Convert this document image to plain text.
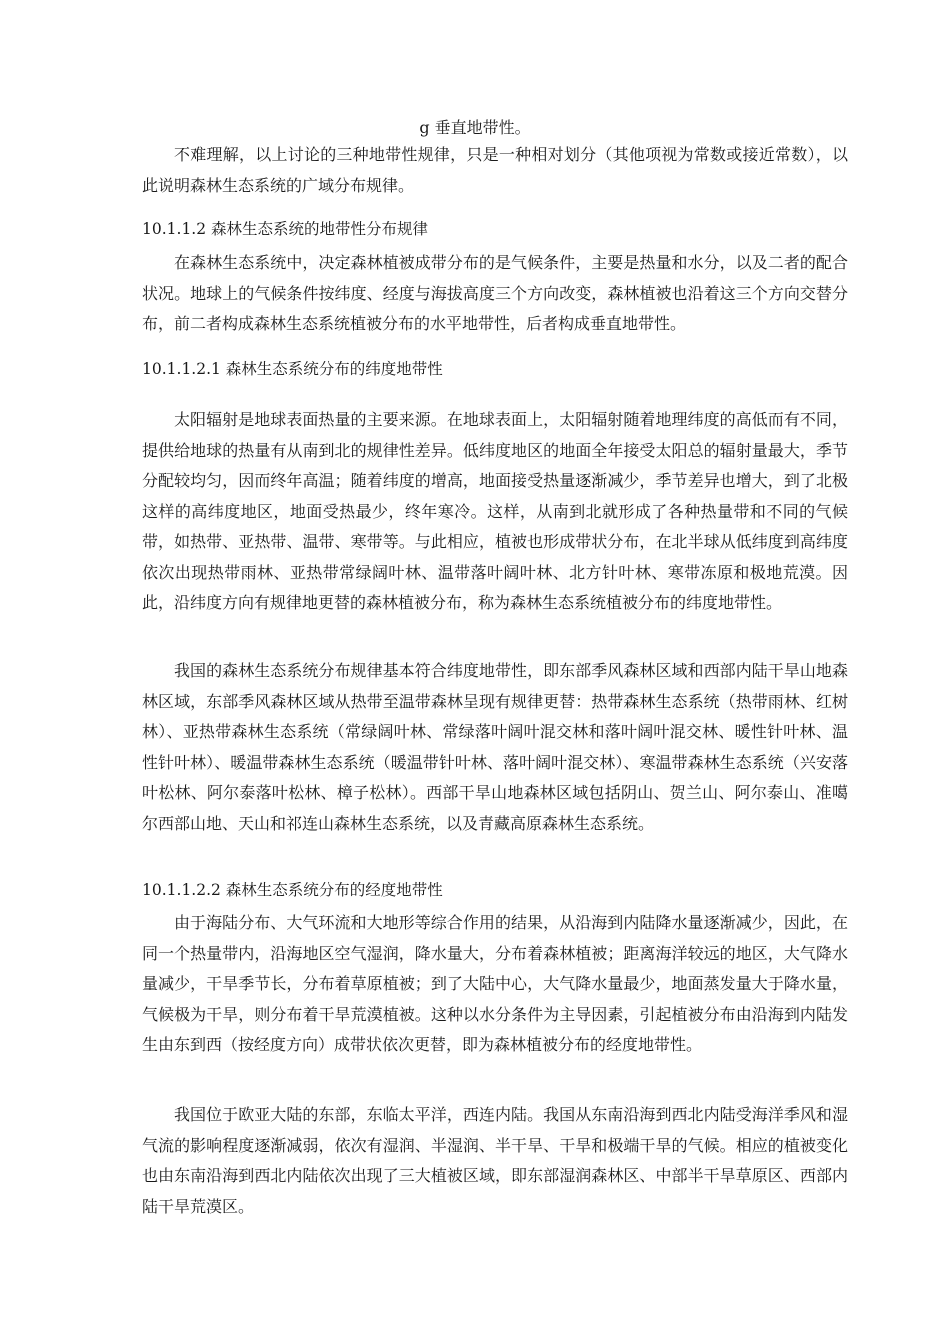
g 垂直地带性。

不难理解，以上讨论的三种地带性规律，只是一种相对划分（其他项视为常数或接近常数），以此说明森林生态系统的广域分布规律。

10.1.1.2 森林生态系统的地带性分布规律

在森林生态系统中，决定森林植被成带分布的是气候条件，主要是热量和水分，以及二者的配合状况。地球上的气候条件按纬度、经度与海拔高度三个方向改变，森林植被也沿着这三个方向交替分布，前二者构成森林生态系统植被分布的水平地带性，后者构成垂直地带性。

10.1.1.2.1 森林生态系统分布的纬度地带性

太阳辐射是地球表面热量的主要来源。在地球表面上，太阳辐射随着地理纬度的高低而有不同，提供给地球的热量有从南到北的规律性差异。低纬度地区的地面全年接受太阳总的辐射量最大，季节分配较均匀，因而终年高温；随着纬度的增高，地面接受热量逐渐减少，季节差异也增大，到了北极这样的高纬度地区，地面受热最少，终年寒冷。这样，从南到北就形成了各种热量带和不同的气候带，如热带、亚热带、温带、寒带等。与此相应，植被也形成带状分布，在北半球从低纬度到高纬度依次出现热带雨林、亚热带常绿阔叶林、温带落叶阔叶林、北方针叶林、寒带冻原和极地荒漠。因此，沿纬度方向有规律地更替的森林植被分布，称为森林生态系统植被分布的纬度地带性。

我国的森林生态系统分布规律基本符合纬度地带性，即东部季风森林区域和西部内陆干旱山地森林区域，东部季风森林区域从热带至温带森林呈现有规律更替：热带森林生态系统（热带雨林、红树林）、亚热带森林生态系统（常绿阔叶林、常绿落叶阔叶混交林和落叶阔叶混交林、暖性针叶林、温性针叶林）、暖温带森林生态系统（暖温带针叶林、落叶阔叶混交林）、寒温带森林生态系统（兴安落叶松林、阿尔泰落叶松林、樟子松林）。西部干旱山地森林区域包括阴山、贺兰山、阿尔泰山、准噶尔西部山地、天山和祁连山森林生态系统，以及青藏高原森林生态系统。

10.1.1.2.2 森林生态系统分布的经度地带性

由于海陆分布、大气环流和大地形等综合作用的结果，从沿海到内陆降水量逐渐减少，因此，在同一个热量带内，沿海地区空气湿润，降水量大，分布着森林植被；距离海洋较远的地区，大气降水量减少，干旱季节长，分布着草原植被；到了大陆中心，大气降水量最少，地面蒸发量大于降水量，气候极为干旱，则分布着干旱荒漠植被。这种以水分条件为主导因素，引起植被分布由沿海到内陆发生由东到西（按经度方向）成带状依次更替，即为森林植被分布的经度地带性。

我国位于欧亚大陆的东部，东临太平洋，西连内陆。我国从东南沿海到西北内陆受海洋季风和湿气流的影响程度逐渐减弱，依次有湿润、半湿润、半干旱、干旱和极端干旱的气候。相应的植被变化也由东南沿海到西北内陆依次出现了三大植被区域，即东部湿润森林区、中部半干旱草原区、西部内陆干旱荒漠区。
